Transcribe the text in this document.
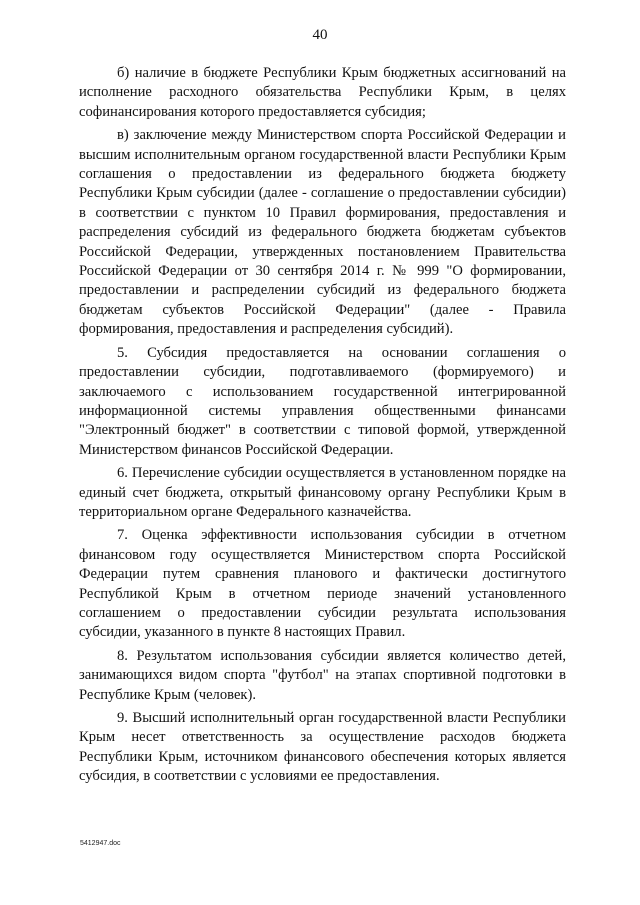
40

б) наличие в бюджете Республики Крым бюджетных ассигнований на исполнение расходного обязательства Республики Крым, в целях софинансирования которого предоставляется субсидия;

в) заключение между Министерством спорта Российской Федерации и высшим исполнительным органом государственной власти Республики Крым соглашения о предоставлении из федерального бюджета бюджету Республики Крым субсидии (далее - соглашение о предоставлении субсидии) в соответствии с пунктом 10 Правил формирования, предоставления и распределения субсидий из федерального бюджета бюджетам субъектов Российской Федерации, утвержденных постановлением Правительства Российской Федерации от 30 сентября 2014 г. № 999 "О формировании, предоставлении и распределении субсидий из федерального бюджета бюджетам субъектов Российской Федерации" (далее - Правила формирования, предоставления и распределения субсидий).

5. Субсидия предоставляется на основании соглашения о предоставлении субсидии, подготавливаемого (формируемого) и заключаемого с использованием государственной интегрированной информационной системы управления общественными финансами "Электронный бюджет" в соответствии с типовой формой, утвержденной Министерством финансов Российской Федерации.

6. Перечисление субсидии осуществляется в установленном порядке на единый счет бюджета, открытый финансовому органу Республики Крым в территориальном органе Федерального казначейства.

7. Оценка эффективности использования субсидии в отчетном финансовом году осуществляется Министерством спорта Российской Федерации путем сравнения планового и фактически достигнутого Республикой Крым в отчетном периоде значений установленного соглашением о предоставлении субсидии результата использования субсидии, указанного в пункте 8 настоящих Правил.

8. Результатом использования субсидии является количество детей, занимающихся видом спорта "футбол" на этапах спортивной подготовки в Республике Крым (человек).

9. Высший исполнительный орган государственной власти Республики Крым несет ответственность за осуществление расходов бюджета Республики Крым, источником финансового обеспечения которых является субсидия, в соответствии с условиями ее предоставления.

5412947.doc
